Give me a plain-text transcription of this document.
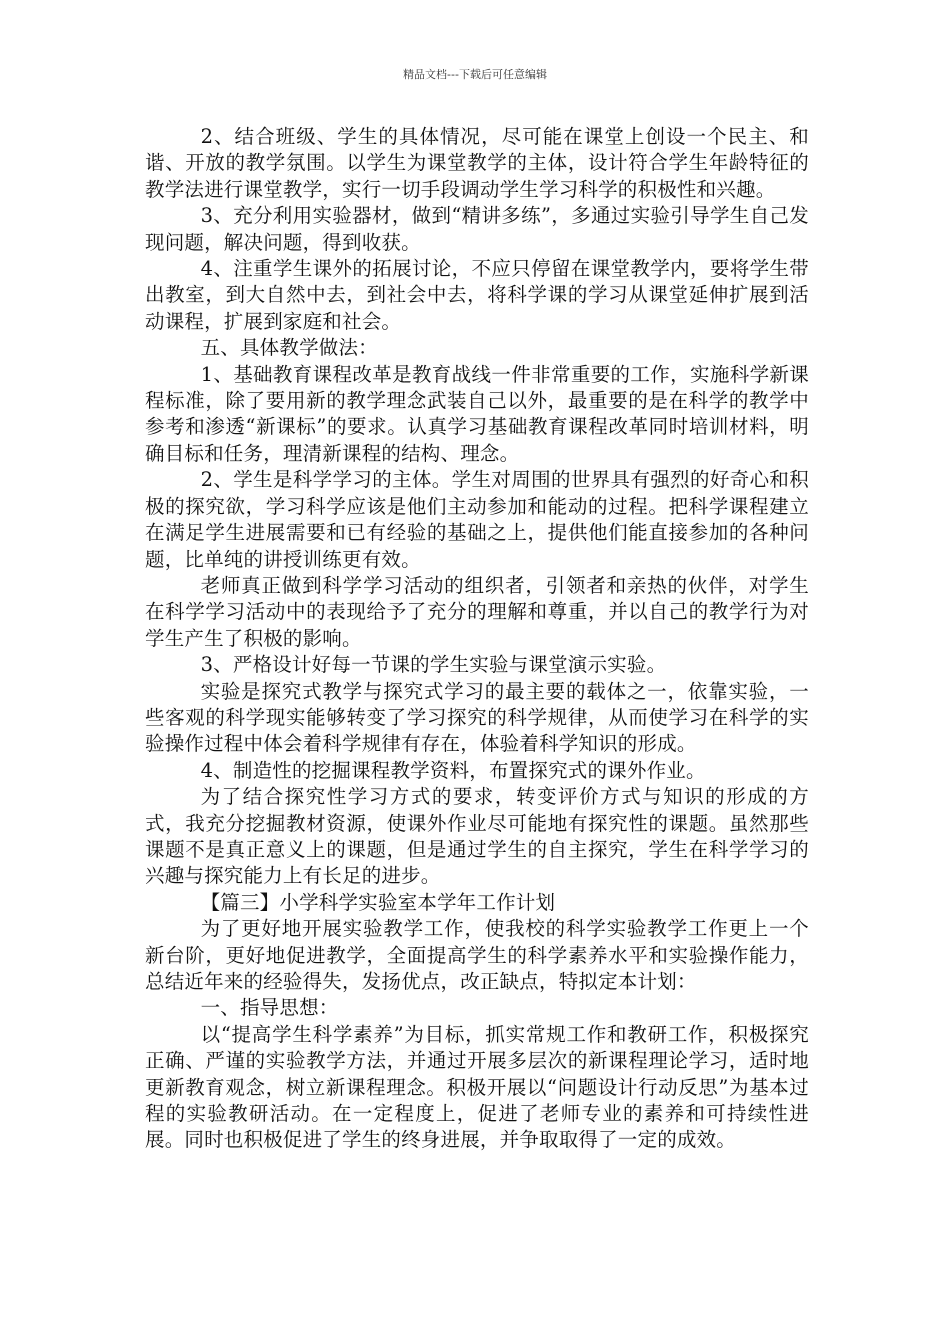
精品文档---下载后可任意编辑

2、结合班级、学生的具体情况，尽可能在课堂上创设一个民主、和谐、开放的教学氛围。以学生为课堂教学的主体，设计符合学生年龄特征的教学法进行课堂教学，实行一切手段调动学生学习科学的积极性和兴趣。

3、充分利用实验器材，做到“精讲多练”，多通过实验引导学生自己发现问题，解决问题，得到收获。

4、注重学生课外的拓展讨论，不应只停留在课堂教学内，要将学生带出教室，到大自然中去，到社会中去，将科学课的学习从课堂延伸扩展到活动课程，扩展到家庭和社会。

五、具体教学做法：

1、基础教育课程改革是教育战线一件非常重要的工作，实施科学新课程标准，除了要用新的教学理念武装自己以外，最重要的是在科学的教学中参考和渗透“新课标”的要求。认真学习基础教育课程改革同时培训材料，明确目标和任务，理清新课程的结构、理念。

2、学生是科学学习的主体。学生对周围的世界具有强烈的好奇心和积极的探究欲，学习科学应该是他们主动参加和能动的过程。把科学课程建立在满足学生进展需要和已有经验的基础之上，提供他们能直接参加的各种问题，比单纯的讲授训练更有效。

老师真正做到科学学习活动的组织者，引领者和亲热的伙伴，对学生在科学学习活动中的表现给予了充分的理解和尊重，并以自己的教学行为对学生产生了积极的影响。

3、严格设计好每一节课的学生实验与课堂演示实验。

实验是探究式教学与探究式学习的最主要的载体之一，依靠实验，一些客观的科学现实能够转变了学习探究的科学规律，从而使学习在科学的实验操作过程中体会着科学规律有存在，体验着科学知识的形成。

4、制造性的挖掘课程教学资料，布置探究式的课外作业。

为了结合探究性学习方式的要求，转变评价方式与知识的形成的方式，我充分挖掘教材资源，使课外作业尽可能地有探究性的课题。虽然那些课题不是真正意义上的课题，但是通过学生的自主探究，学生在科学学习的兴趣与探究能力上有长足的进步。

【篇三】小学科学实验室本学年工作计划

为了更好地开展实验教学工作，使我校的科学实验教学工作更上一个新台阶，更好地促进教学，全面提高学生的科学素养水平和实验操作能力，总结近年来的经验得失，发扬优点，改正缺点，特拟定本计划：

一、指导思想：

以“提高学生科学素养”为目标，抓实常规工作和教研工作，积极探究正确、严谨的实验教学方法，并通过开展多层次的新课程理论学习，适时地更新教育观念，树立新课程理念。积极开展以“问题设计行动反思”为基本过程的实验教研活动。在一定程度上，促进了老师专业的素养和可持续性进展。同时也积极促进了学生的终身进展，并争取取得了一定的成效。
